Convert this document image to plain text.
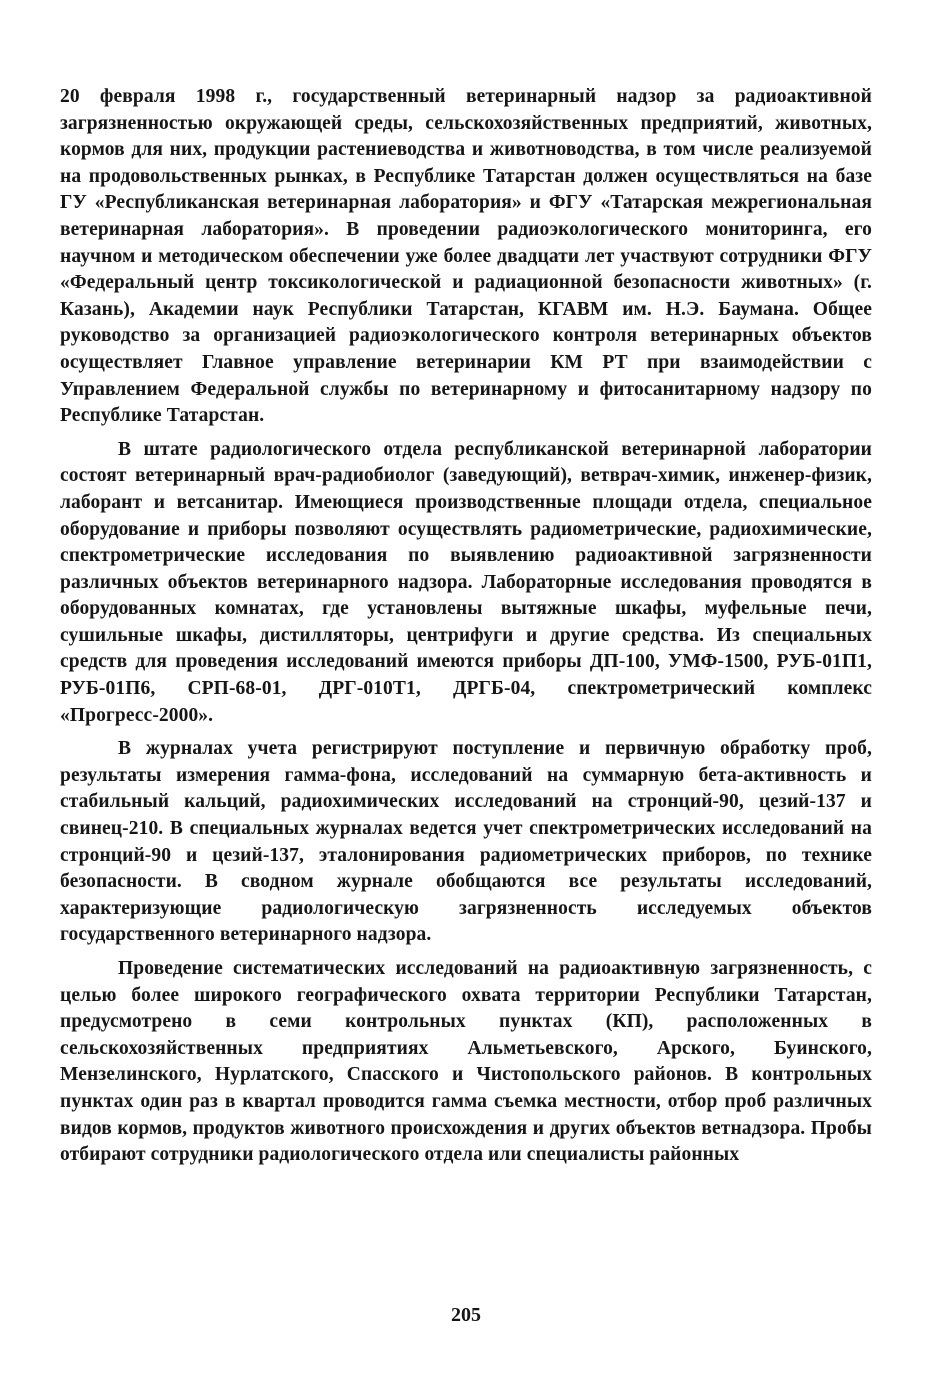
20 февраля 1998 г., государственный ветеринарный надзор за радиоактивной загрязненностью окружающей среды, сельскохозяйственных предприятий, животных, кормов для них, продукции растениеводства и животноводства, в том числе реализуемой на продовольственных рынках, в Республике Татарстан должен осуществляться на базе ГУ «Республиканская ветеринарная лаборатория» и ФГУ «Татарская межрегиональная ветеринарная лаборатория». В проведении радиоэкологического мониторинга, его научном и методическом обеспечении уже более двадцати лет участвуют сотрудники ФГУ «Федеральный центр токсикологической и радиационной безопасности животных» (г. Казань), Академии наук Республики Татарстан, КГАВМ им. Н.Э. Баумана. Общее руководство за организацией радиоэкологического контроля ветеринарных объектов осуществляет Главное управление ветеринарии КМ РТ при взаимодействии с Управлением Федеральной службы по ветеринарному и фитосанитарному надзору по Республике Татарстан.

В штате радиологического отдела республиканской ветеринарной лаборатории состоят ветеринарный врач-радиобиолог (заведующий), ветврач-химик, инженер-физик, лаборант и ветсанитар. Имеющиеся производственные площади отдела, специальное оборудование и приборы позволяют осуществлять радиометрические, радиохимические, спектрометрические исследования по выявлению радиоактивной загрязненности различных объектов ветеринарного надзора. Лабораторные исследования проводятся в оборудованных комнатах, где установлены вытяжные шкафы, муфельные печи, сушильные шкафы, дистилляторы, центрифуги и другие средства. Из специальных средств для проведения исследований имеются приборы ДП-100, УМФ-1500, РУБ-01П1, РУБ-01П6, СРП-68-01, ДРГ-010Т1, ДРГБ-04, спектрометрический комплекс «Прогресс-2000».

В журналах учета регистрируют поступление и первичную обработку проб, результаты измерения гамма-фона, исследований на суммарную бета-активность и стабильный кальций, радиохимических исследований на стронций-90, цезий-137 и свинец-210. В специальных журналах ведется учет спектрометрических исследований на стронций-90 и цезий-137, эталонирования радиометрических приборов, по технике безопасности. В сводном журнале обобщаются все результаты исследований, характеризующие радиологическую загрязненность исследуемых объектов государственного ветеринарного надзора.

Проведение систематических исследований на радиоактивную загрязненность, с целью более широкого географического охвата территории Республики Татарстан, предусмотрено в семи контрольных пунктах (КП), расположенных в сельскохозяйственных предприятиях Альметьевского, Арского, Буинского, Мензелинского, Нурлатского, Спасского и Чистопольского районов. В контрольных пунктах один раз в квартал проводится гамма съемка местности, отбор проб различных видов кормов, продуктов животного происхождения и других объектов ветнадзора. Пробы отбирают сотрудники радиологического отдела или специалисты районных

205
